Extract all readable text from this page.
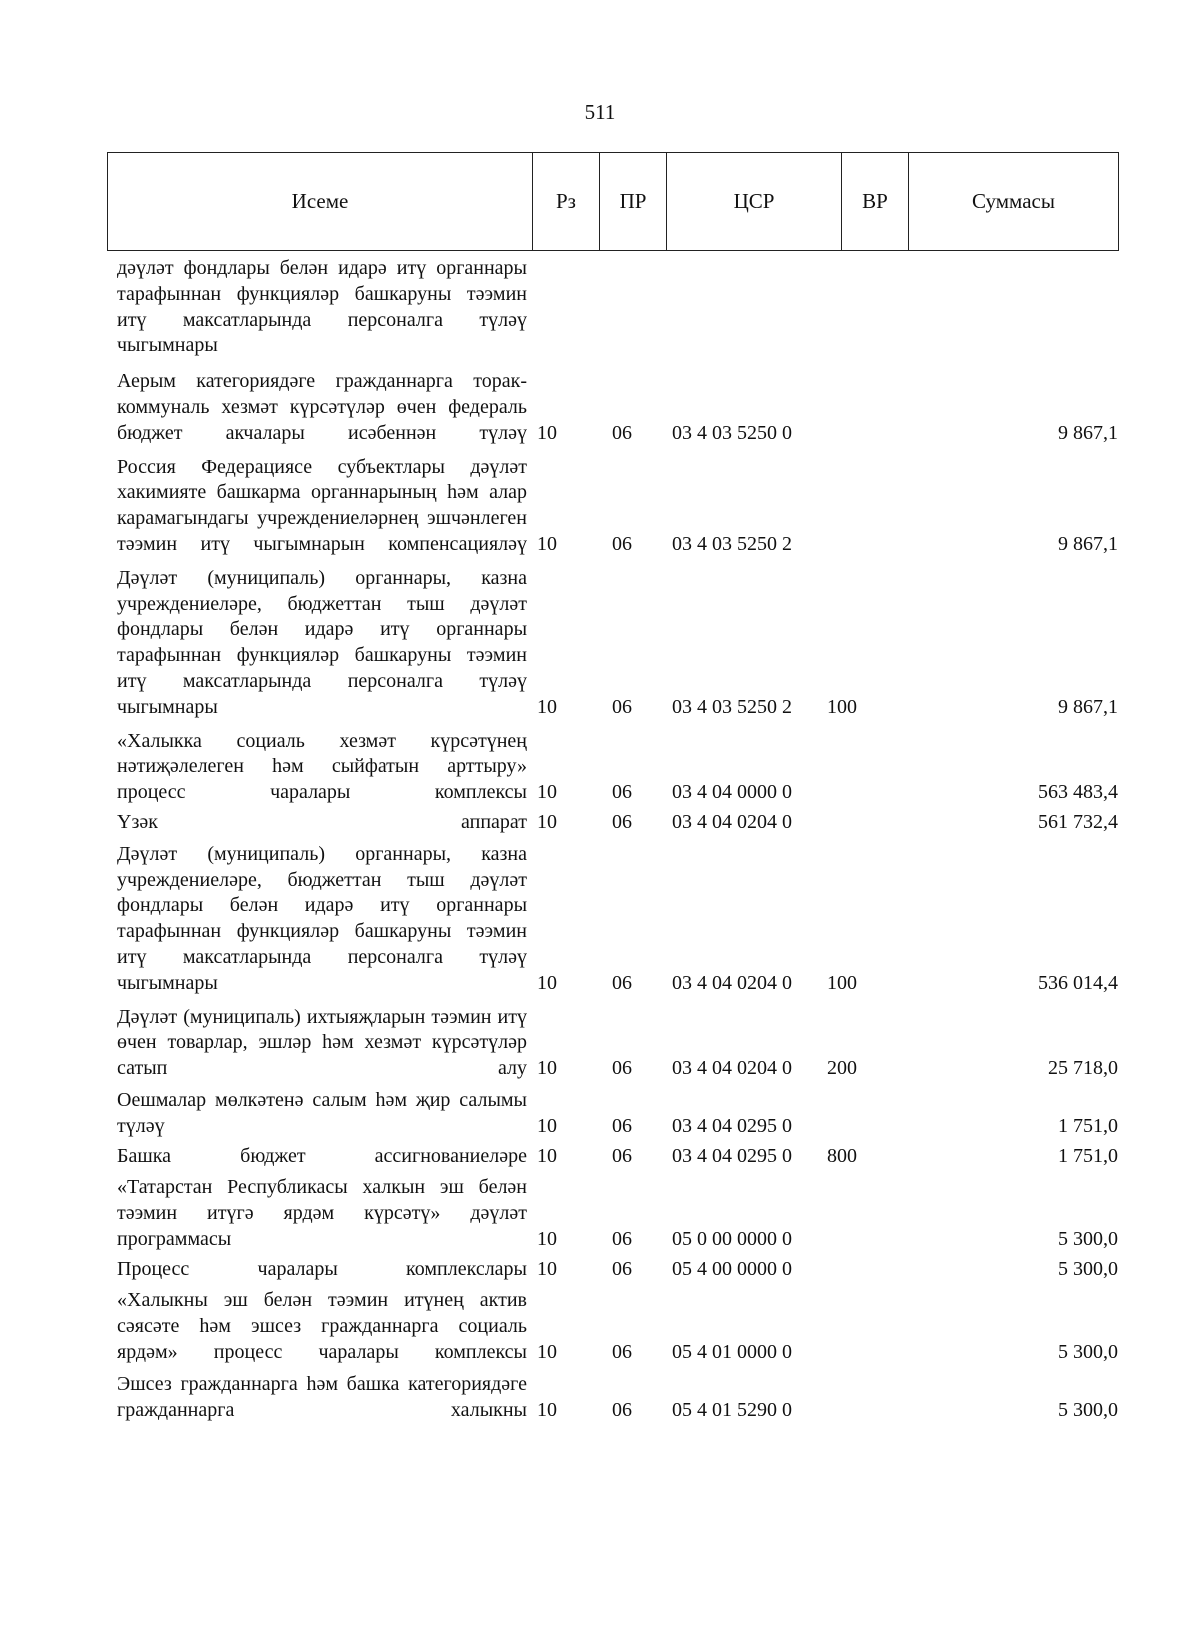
511
Исеме	Рз	ПР	ЦСР	ВР	Суммасы
дәүләт фондлары белән идарә итү органнары тарафыннан функцияләр башкаруны тәэмин итү максатларында персоналга түләү чыгымнары
Аерым категориядәге гражданнарга торак-коммуналь хезмәт күрсәтүләр өчен федераль бюджет акчалары исәбеннән түләү 10	06	03 4 03 5250 0	9 867,1
Россия Федерациясе субъектлары дәүләт хакимияте башкарма органнарының һәм алар карамагындагы учреждениеләрнең эшчәнлеген тәэмин итү чыгымнарын компенсацияләү 10	06	03 4 03 5250 2	9 867,1
Дәүләт (муниципаль) органнары, казна учреждениеләре, бюджеттан тыш дәүләт фондлары белән идарә итү органнары тарафыннан функцияләр башкаруны тәэмин итү максатларында персоналга түләү чыгымнары	10	06	03 4 03 5250 2	100	9 867,1
«Халыкка социаль хезмәт күрсәтүнең нәтиҗәлелеген һәм сыйфатын арттыру» процесс чаралары комплексы 10	06	03 4 04 0000 0	563 483,4
Үзәк аппарат 10	06	03 4 04 0204 0	561 732,4
Дәүләт (муниципаль) органнары, казна учреждениеләре, бюджеттан тыш дәүләт фондлары белән идарә итү органнары тарафыннан функцияләр башкаруны тәэмин итү максатларында персоналга түләү чыгымнары	10	06	03 4 04 0204 0	100	536 014,4
Дәүләт (муниципаль) ихтыяҗларын тәэмин итү өчен товарлар, эшләр һәм хезмәт күрсәтүләр сатып алу 10	06	03 4 04 0204 0	200	25 718,0
Оешмалар мөлкәтенә салым һәм җир салымы түләү	10	06	03 4 04 0295 0	1 751,0
Башка бюджет ассигнованиеләре 10	06	03 4 04 0295 0	800	1 751,0
«Татарстан Республикасы халкын эш белән тәэмин итүгә ярдәм күрсәтү» дәүләт программасы	10	06	05 0 00 0000 0	5 300,0
Процесс чаралары комплекслары 10	06	05 4 00 0000 0	5 300,0
«Халыкны эш белән тәэмин итүнең актив сәясәте һәм эшсез гражданнарга социаль ярдәм» процесс чаралары комплексы 10	06	05 4 01 0000 0	5 300,0
Эшсез гражданнарга һәм башка категориядәге гражданнарга халыкны 10	06	05 4 01 5290 0	5 300,0
